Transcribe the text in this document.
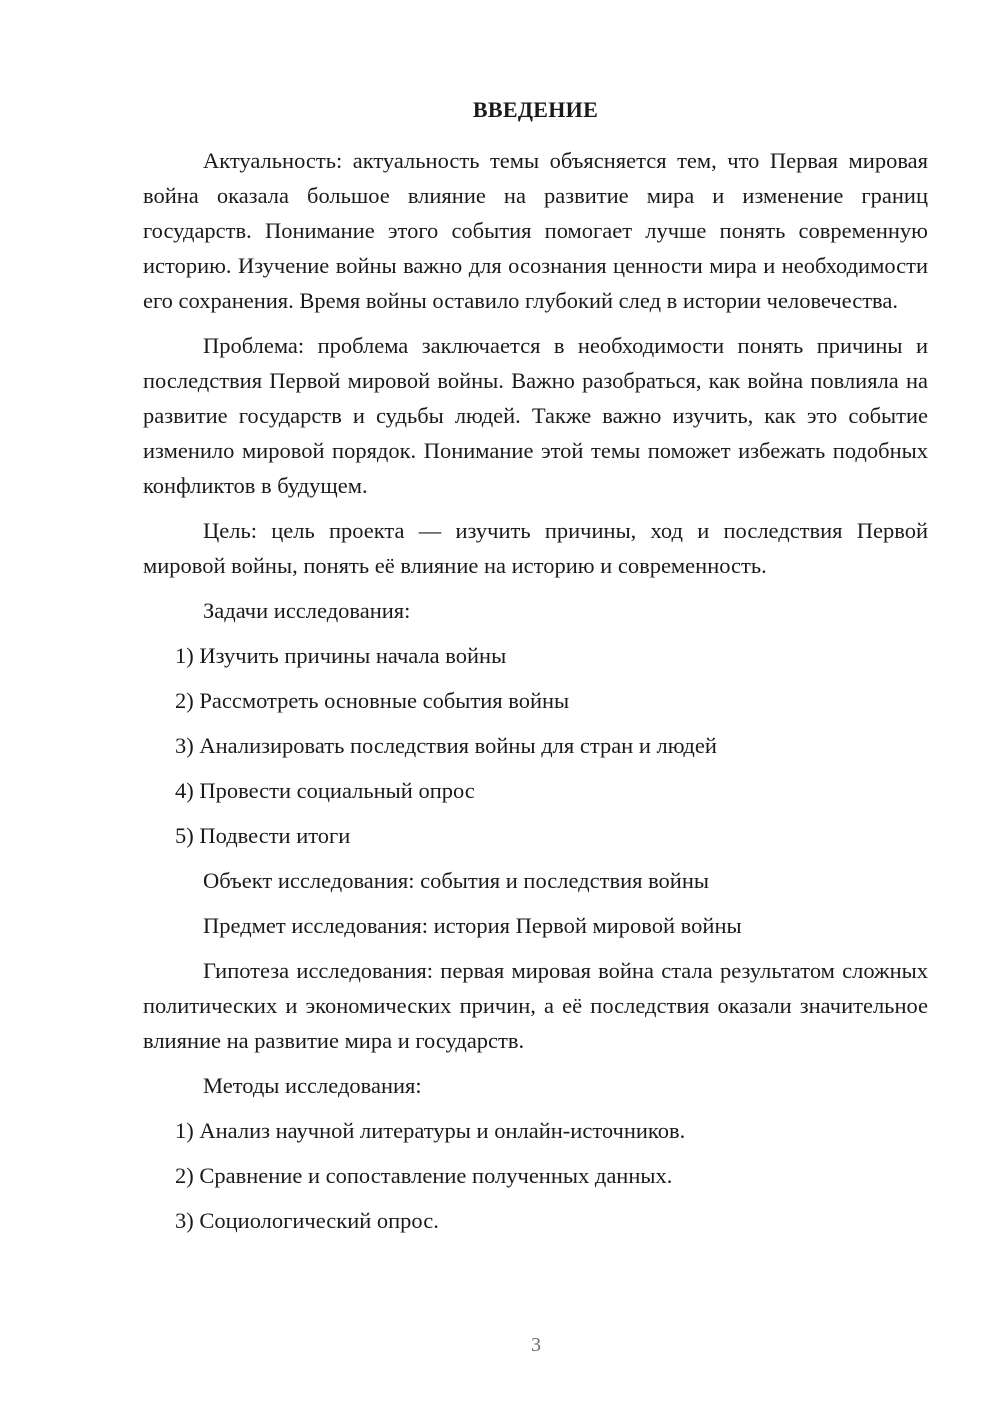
ВВЕДЕНИЕ

Актуальность: актуальность темы объясняется тем, что Первая мировая война оказала большое влияние на развитие мира и изменение границ государств. Понимание этого события помогает лучше понять современную историю. Изучение войны важно для осознания ценности мира и необходимости его сохранения. Время войны оставило глубокий след в истории человечества.

Проблема: проблема заключается в необходимости понять причины и последствия Первой мировой войны. Важно разобраться, как война повлияла на развитие государств и судьбы людей. Также важно изучить, как это событие изменило мировой порядок. Понимание этой темы поможет избежать подобных конфликтов в будущем.

Цель: цель проекта — изучить причины, ход и последствия Первой мировой войны, понять её влияние на историю и современность.

Задачи исследования:
1) Изучить причины начала войны
2) Рассмотреть основные события войны
3) Анализировать последствия войны для стран и людей
4) Провести социальный опрос
5) Подвести итоги
Объект исследования: события и последствия войны
Предмет исследования: история Первой мировой войны

Гипотеза исследования: первая мировая война стала результатом сложных политических и экономических причин, а её последствия оказали значительное влияние на развитие мира и государств.

Методы исследования:
1) Анализ научной литературы и онлайн-источников.
2) Сравнение и сопоставление полученных данных.
3) Социологический опрос.
3
